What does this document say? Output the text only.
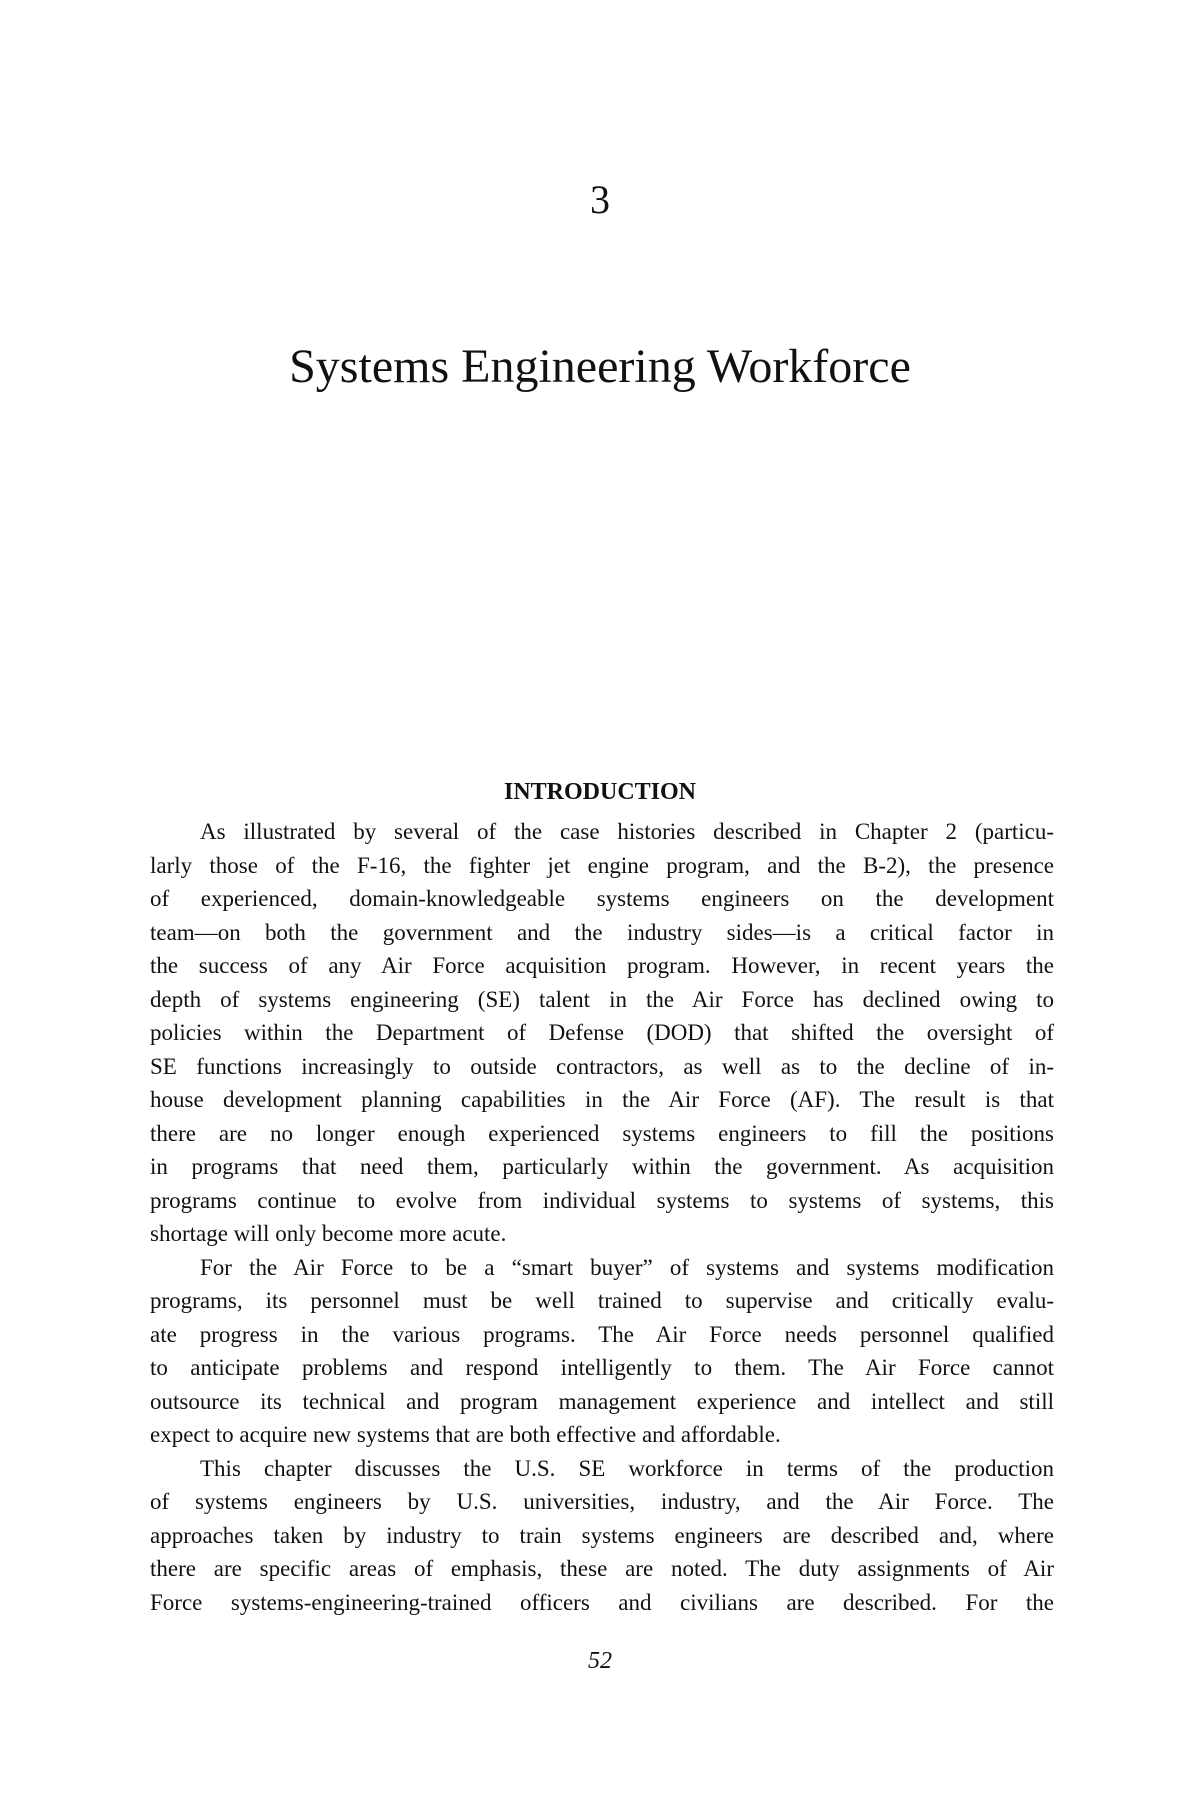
3
Systems Engineering Workforce
INTRODUCTION

As illustrated by several of the case histories described in Chapter 2 (particu-
larly those of the F-16, the fighter jet engine program, and the B-2), the presence
of experienced, domain-knowledgeable systems engineers on the development
team—on both the government and the industry sides—is a critical factor in
the success of any Air Force acquisition program. However, in recent years the
depth of systems engineering (SE) talent in the Air Force has declined owing to
policies within the Department of Defense (DOD) that shifted the oversight of
SE functions increasingly to outside contractors, as well as to the decline of in-
house development planning capabilities in the Air Force (AF). The result is that
there are no longer enough experienced systems engineers to fill the positions
in programs that need them, particularly within the government. As acquisition
programs continue to evolve from individual systems to systems of systems, this
shortage will only become more acute.

For the Air Force to be a “smart buyer” of systems and systems modification
programs, its personnel must be well trained to supervise and critically evalu-
ate progress in the various programs. The Air Force needs personnel qualified
to anticipate problems and respond intelligently to them. The Air Force cannot
outsource its technical and program management experience and intellect and still
expect to acquire new systems that are both effective and affordable.

This chapter discusses the U.S. SE workforce in terms of the production
of systems engineers by U.S. universities, industry, and the Air Force. The
approaches taken by industry to train systems engineers are described and, where
there are specific areas of emphasis, these are noted. The duty assignments of Air
Force systems-engineering-trained officers and civilians are described. For the

52
